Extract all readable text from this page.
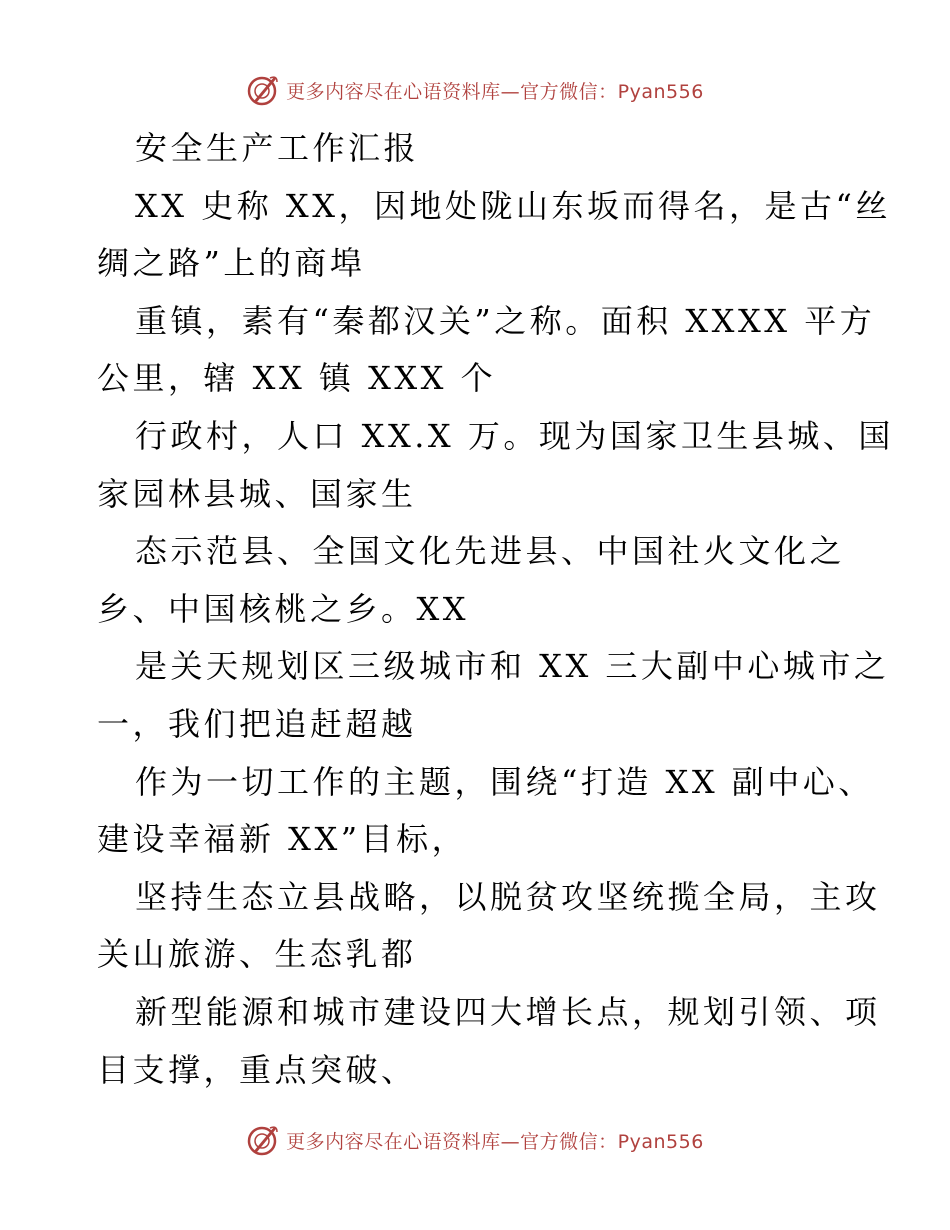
更多内容尽在心语资料库—官方微信：Pyan556
安全生产工作汇报
XX 史称 XX，因地处陇山东坂而得名，是古“丝
绸之路”上的商埠
重镇，素有“秦都汉关”之称。面积 XXXX 平方
公里，辖 XX 镇 XXX 个
行政村，人口 XX.X 万。现为国家卫生县城、国
家园林县城、国家生
态示范县、全国文化先进县、中国社火文化之
乡、中国核桃之乡。XX
是关天规划区三级城市和 XX 三大副中心城市之
一，我们把追赶超越
作为一切工作的主题，围绕“打造 XX 副中心、
建设幸福新 XX”目标，
坚持生态立县战略，以脱贫攻坚统揽全局，主攻
关山旅游、生态乳都
新型能源和城市建设四大增长点，规划引领、项
目支撑，重点突破、
更多内容尽在心语资料库—官方微信：Pyan556
